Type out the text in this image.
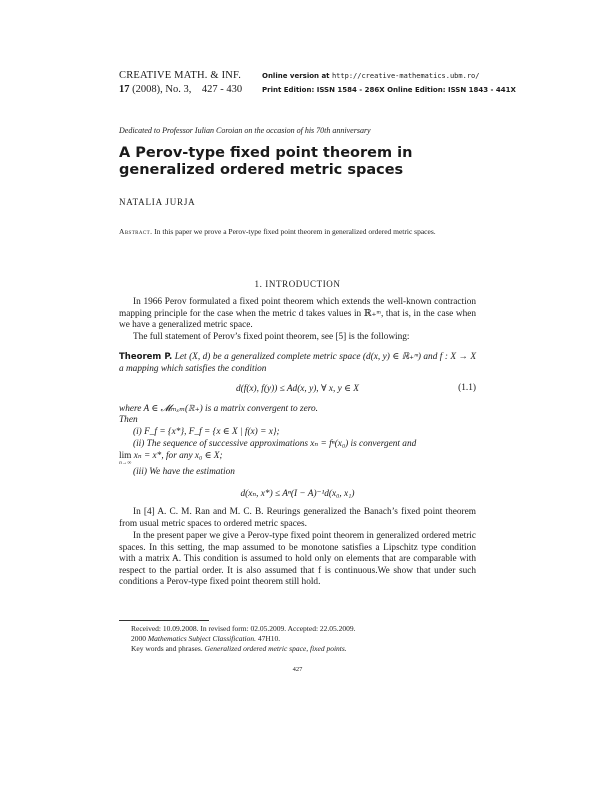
CREATIVE MATH. & INF.
17 (2008), No. 3, 427 - 430
Online version at http://creative-mathematics.ubm.ro/
Print Edition: ISSN 1584 - 286X Online Edition: ISSN 1843 - 441X
Dedicated to Professor Iulian Coroian on the occasion of his 70th anniversary
A Perov-type fixed point theorem in generalized ordered metric spaces
NATALIA JURJA
Abstract. In this paper we prove a Perov-type fixed point theorem in generalized ordered metric spaces.
1. INTRODUCTION
In 1966 Perov formulated a fixed point theorem which extends the well-known contraction mapping principle for the case when the metric d takes values in ℝ₊ᵐ, that is, in the case when we have a generalized metric space.
The full statement of Perov’s fixed point theorem, see [5] is the following:
Theorem P. Let (X, d) be a generalized complete metric space (d(x, y) ∈ ℝ₊ᵐ) and f : X → X a mapping which satisfies the condition
d(f(x), f(y)) ≤ Ad(x, y), ∀ x, y ∈ X	(1.1)
where A ∈ 𝓜ₘₓₘ(ℝ₊) is a matrix convergent to zero.
Then
(i) F_f = {x*}, F_f = {x ∈ X | f(x) = x};
(ii) The sequence of successive approximations xₙ = fⁿ(x₀) is convergent and
lim
n→∞
xₙ = x*, for any x₀ ∈ X;
(iii) We have the estimation
d(xₙ, x*) ≤ Aⁿ(I − A)⁻¹d(x₀, x₁)
In [4] A. C. M. Ran and M. C. B. Reurings generalized the Banach’s fixed point theorem from usual metric spaces to ordered metric spaces.
In the present paper we give a Perov-type fixed point theorem in generalized ordered metric spaces. In this setting, the map assumed to be monotone satisfies a Lipschitz type condition with a matrix A. This condition is assumed to hold only on elements that are comparable with respect to the partial order. It is also assumed that f is continuous.We show that under such conditions a Perov-type fixed point theorem still hold.
Received: 10.09.2008. In revised form: 02.05.2009. Accepted: 22.05.2009.
2000 Mathematics Subject Classification. 47H10.
Key words and phrases. Generalized ordered metric space, fixed points.
427
